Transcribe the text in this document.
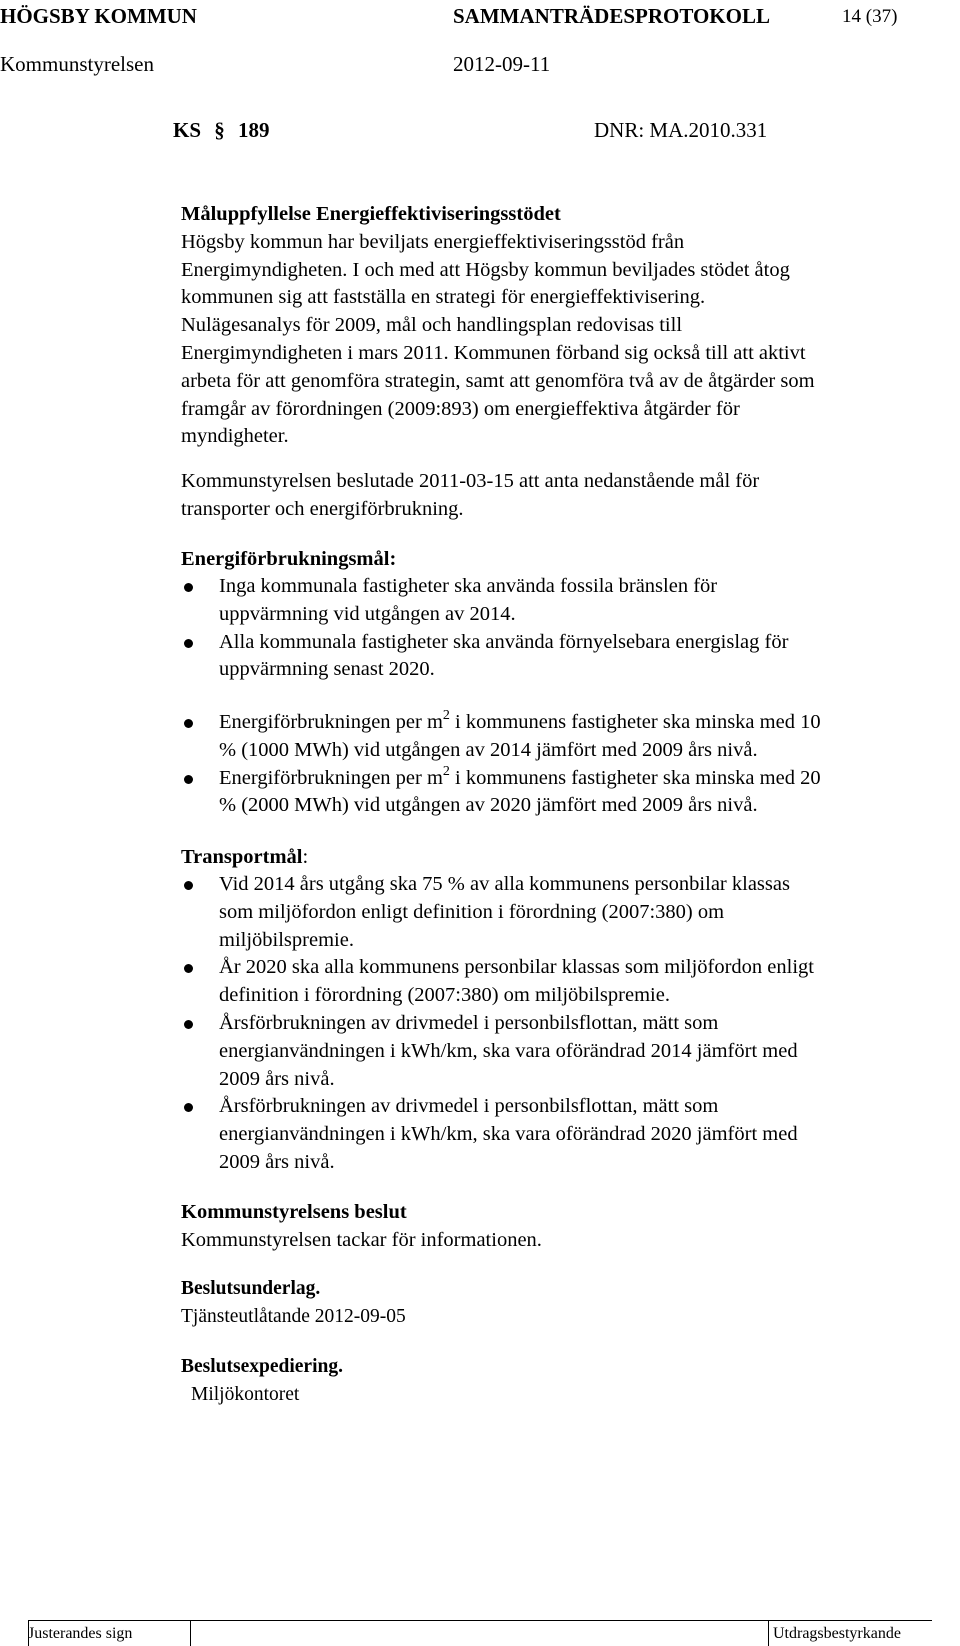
HÖGSBY KOMMUN	SAMMANTRÄDESPROTOKOLL	14 (37)
Kommunstyrelsen	2012-09-11
KS § 189	DNR: MA.2010.331
Måluppfyllelse Energieffektiviseringsstödet

Högsby kommun har beviljats energieffektiviseringsstöd från
Energimyndigheten. I och med att Högsby kommun beviljades stödet åtog
kommunen sig att fastställa en strategi för energieffektivisering.
Nulägesanalys för 2009, mål och handlingsplan redovisas till
Energimyndigheten i mars 2011. Kommunen förband sig också till att aktivt
arbeta för att genomföra strategin, samt att genomföra två av de åtgärder som
framgår av förordningen (2009:893) om energieffektiva åtgärder för
myndigheter.

Kommunstyrelsen beslutade 2011-03-15 att anta nedanstående mål för
transporter och energiförbrukning.
Energiförbrukningsmål:
Inga kommunala fastigheter ska använda fossila bränslen för
uppvärmning vid utgången av 2014.
Alla kommunala fastigheter ska använda förnyelsebara energislag för
uppvärmning senast 2020.
Energiförbrukningen per $m^2$ i kommunens fastigheter ska minska med 10
% (1000 MWh) vid utgången av 2014 jämfört med 2009 års nivå.
Energiförbrukningen per $m^2$ i kommunens fastigheter ska minska med 20
% (2000 MWh) vid utgången av 2020 jämfört med 2009 års nivå.
Transportmål:
Vid 2014 års utgång ska 75 % av alla kommunens personbilar klassas
som miljöfordon enligt definition i förordning (2007:380) om
miljöbilspremie.
År 2020 ska alla kommunens personbilar klassas som miljöfordon enligt
definition i förordning (2007:380) om miljöbilspremie.
Årsförbrukningen av drivmedel i personbilsflottan, mätt som
energianvändningen i kWh/km, ska vara oförändrad 2014 jämfört med
2009 års nivå.
Årsförbrukningen av drivmedel i personbilsflottan, mätt som
energianvändningen i kWh/km, ska vara oförändrad 2020 jämfört med
2009 års nivå.
Kommunstyrelsens beslut
Kommunstyrelsen tackar för informationen.
Beslutsunderlag.
Tjänsteutlåtande 2012-09-05
Beslutsexpediering.
Miljökontoret
Justerandes sign	Utdragsbestyrkande
